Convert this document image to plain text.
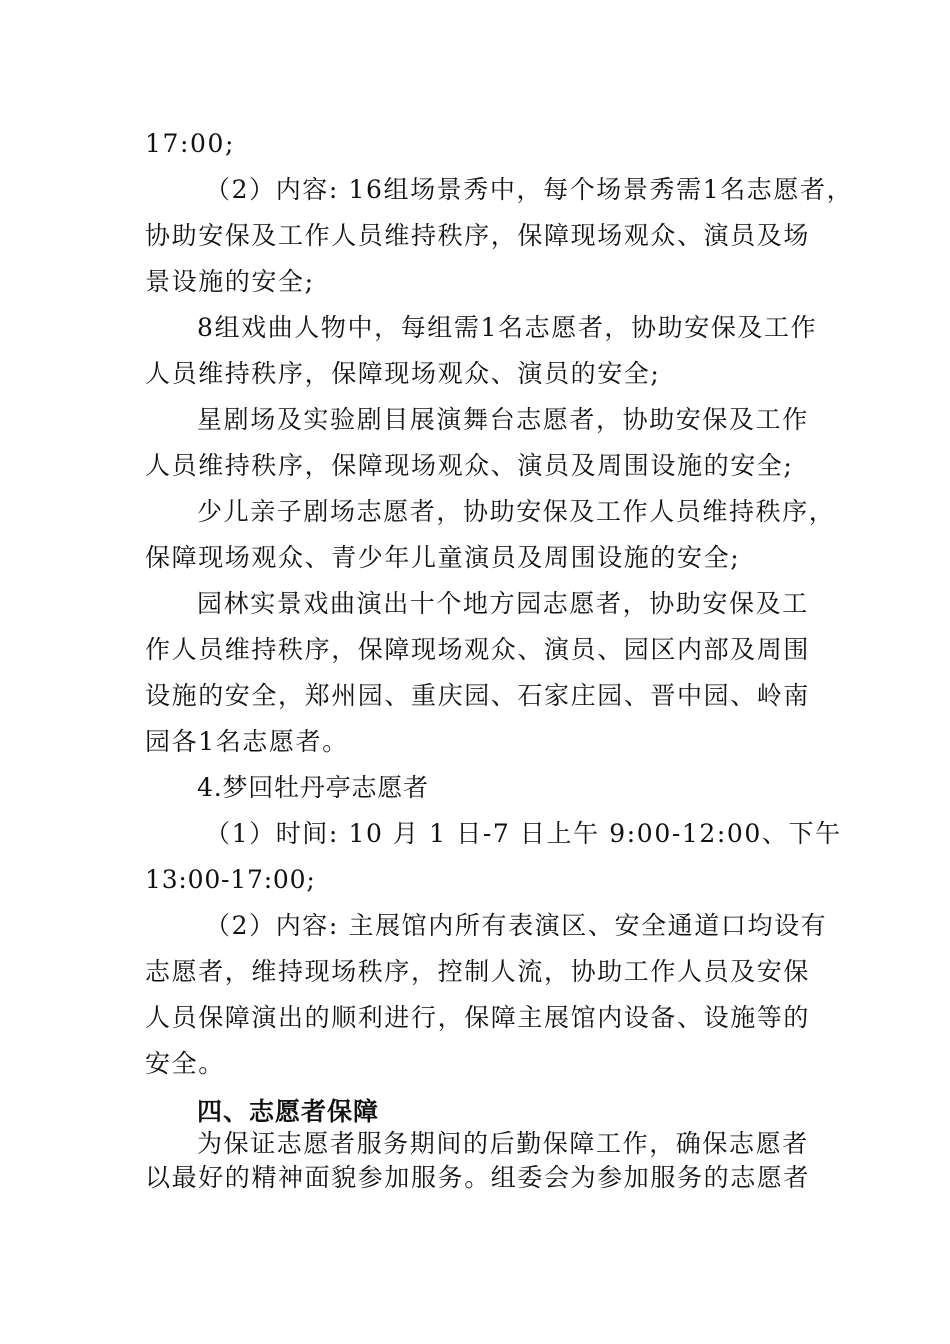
17:00;

（2）内容: 16组场景秀中，每个场景秀需1名志愿者，

协助安保及工作人员维持秩序，保障现场观众、演员及场

景设施的安全;

8组戏曲人物中，每组需1名志愿者，协助安保及工作

人员维持秩序，保障现场观众、演员的安全;

星剧场及实验剧目展演舞台志愿者，协助安保及工作

人员维持秩序，保障现场观众、演员及周围设施的安全;

少儿亲子剧场志愿者，协助安保及工作人员维持秩序，

保障现场观众、青少年儿童演员及周围设施的安全;

园林实景戏曲演出十个地方园志愿者，协助安保及工

作人员维持秩序，保障现场观众、演员、园区内部及周围

设施的安全，郑州园、重庆园、石家庄园、晋中园、岭南

园各1名志愿者。

4.梦回牡丹亭志愿者

（1）时间: 10 月 1 日-7 日上午 9:00-12:00、下午

13:00-17:00;

（2）内容: 主展馆内所有表演区、安全通道口均设有

志愿者，维持现场秩序，控制人流，协助工作人员及安保

人员保障演出的顺利进行，保障主展馆内设备、设施等的

安全。

四、志愿者保障

为保证志愿者服务期间的后勤保障工作，确保志愿者

以最好的精神面貌参加服务。组委会为参加服务的志愿者
